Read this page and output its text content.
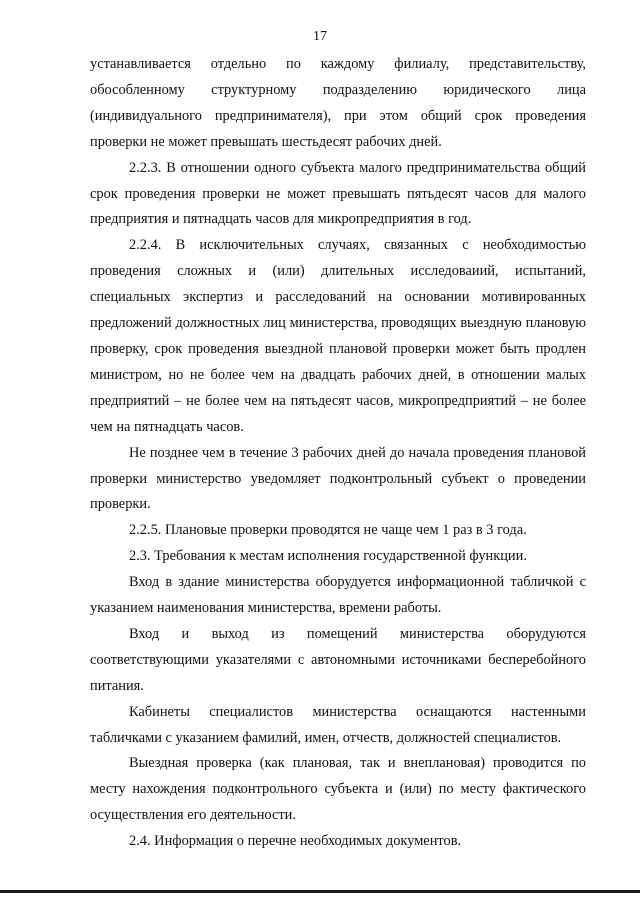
17

устанавливается отдельно по каждому филиалу, представительству, обособленному структурному подразделению юридического лица (индивидуального предпринимателя), при этом общий срок проведения проверки не может превышать шестьдесят рабочих дней.

2.2.3. В отношении одного субъекта малого предпринимательства общий срок проведения проверки не может превышать пятьдесят часов для малого предприятия и пятнадцать часов для микропредприятия в год.

2.2.4. В исключительных случаях, связанных с необходимостью проведения сложных и (или) длительных исследоваиий, испытаний, специальных экспертиз и расследований на основании мотивированных предложений должностных лиц министерства, проводящих выездную плановую проверку, срок проведения выездной плановой проверки может быть продлен министром, но не более чем на двадцать рабочих дней, в отношении малых предприятий – не более чем на пятьдесят часов, микропредприятий – не более чем на пятнадцать часов.

Не позднее чем в течение 3 рабочих дней до начала проведения плановой проверки министерство уведомляет подконтрольный субъект о проведении проверки.

2.2.5. Плановые проверки проводятся не чаще чем 1 раз в 3 года.

2.3. Требования к местам исполнения государственной функции.

Вход в здание министерства оборудуется информационной табличкой с указанием наименования министерства, времени работы.

Вход и выход из помещений министерства оборудуются соответствующими указателями с автономными источниками бесперебойного питания.

Кабинеты специалистов министерства оснащаются настенными табличками с указанием фамилий, имен, отчеств, должностей специалистов.

Выездная проверка (как плановая, так и внеплановая) проводится по месту нахождения подконтрольного субъекта и (или) по месту фактического осуществления его деятельности.

2.4. Информация о перечне необходимых документов.
